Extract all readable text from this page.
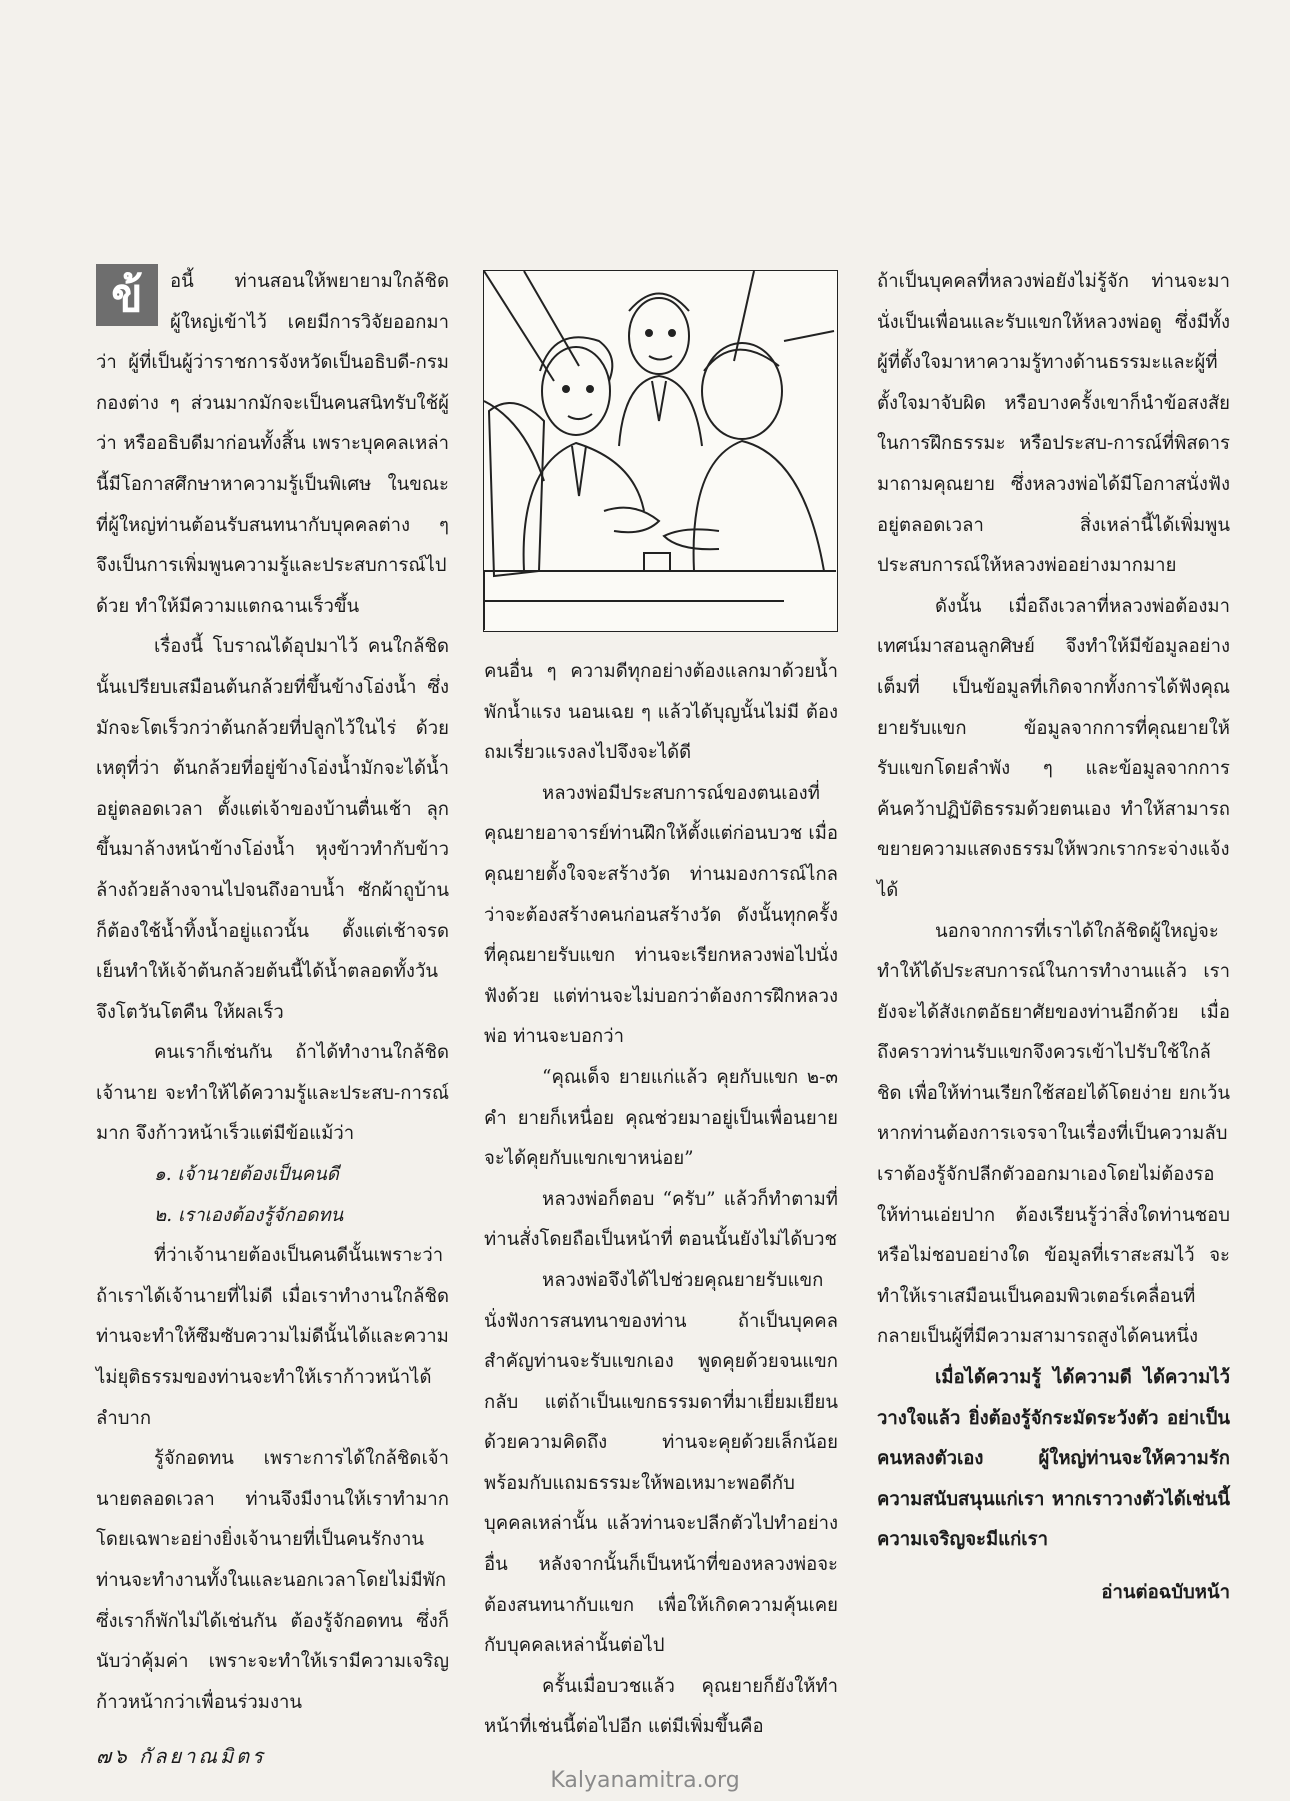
ข้	อนี้ ท่านสอนให้พยายามใกล้ชิดผู้ใหญ่เข้าไว้ เคยมีการวิจัยออกมาว่า ผู้ที่เป็นผู้ว่าราชการจังหวัดเป็นอธิบดี-กรมกองต่าง ๆ ส่วนมากมักจะเป็นคนสนิทรับใช้ผู้ว่า หรืออธิบดีมาก่อนทั้งสิ้น เพราะบุคคลเหล่านี้มีโอกาสศึกษาหาความรู้เป็นพิเศษ ในขณะที่ผู้ใหญ่ท่านต้อนรับสนทนากับบุคคลต่าง ๆ จึงเป็นการเพิ่มพูนความรู้และประสบการณ์ไปด้วย ทำให้มีความแตกฉานเร็วขึ้น

เรื่องนี้ โบราณได้อุปมาไว้ คนใกล้ชิดนั้นเปรียบเสมือนต้นกล้วยที่ขึ้นข้างโอ่งน้ำ ซึ่งมักจะโตเร็วกว่าต้นกล้วยที่ปลูกไว้ในไร่ ด้วยเหตุที่ว่า ต้นกล้วยที่อยู่ข้างโอ่งน้ำมักจะได้น้ำอยู่ตลอดเวลา ตั้งแต่เจ้าของบ้านตื่นเช้า ลุกขึ้นมาล้างหน้าข้างโอ่งน้ำ หุงข้าวทำกับข้าว ล้างถ้วยล้างจานไปจนถึงอาบน้ำ ซักผ้าถูบ้านก็ต้องใช้น้ำทิ้งน้ำอยู่แถวนั้น ตั้งแต่เช้าจรดเย็นทำให้เจ้าต้นกล้วยต้นนี้ได้น้ำตลอดทั้งวัน จึงโตวันโตคืน ให้ผลเร็ว

คนเราก็เช่นกัน ถ้าได้ทำงานใกล้ชิดเจ้านาย จะทำให้ได้ความรู้และประสบ-การณ์มาก จึงก้าวหน้าเร็วแต่มีข้อแม้ว่า

๑. เจ้านายต้องเป็นคนดี

๒. เราเองต้องรู้จักอดทน

ที่ว่าเจ้านายต้องเป็นคนดีนั้นเพราะว่าถ้าเราได้เจ้านายที่ไม่ดี เมื่อเราทำงานใกล้ชิดท่านจะทำให้ซึมซับความไม่ดีนั้นได้และความไม่ยุติธรรมของท่านจะทำให้เราก้าวหน้าได้ลำบาก

รู้จักอดทน เพราะการได้ใกล้ชิดเจ้านายตลอดเวลา ท่านจึงมีงานให้เราทำมาก โดยเฉพาะอย่างยิ่งเจ้านายที่เป็นคนรักงาน ท่านจะทำงานทั้งในและนอกเวลาโดยไม่มีพัก ซึ่งเราก็พักไม่ได้เช่นกัน ต้องรู้จักอดทน ซึ่งก็นับว่าคุ้มค่า เพราะจะทำให้เรามีความเจริญก้าวหน้ากว่าเพื่อนร่วมงาน

คนอื่น ๆ ความดีทุกอย่างต้องแลกมาด้วยน้ำพักน้ำแรง นอนเฉย ๆ แล้วได้บุญนั้นไม่มี ต้องถมเรี่ยวแรงลงไปจึงจะได้ดี

หลวงพ่อมีประสบการณ์ของตนเองที่คุณยายอาจารย์ท่านฝึกให้ตั้งแต่ก่อนบวช เมื่อคุณยายตั้งใจจะสร้างวัด ท่านมองการณ์ไกลว่าจะต้องสร้างคนก่อนสร้างวัด ดังนั้นทุกครั้งที่คุณยายรับแขก ท่านจะเรียกหลวงพ่อไปนั่งฟังด้วย แต่ท่านจะไม่บอกว่าต้องการฝึกหลวงพ่อ ท่านจะบอกว่า

“คุณเด็จ ยายแก่แล้ว คุยกับแขก ๒-๓ คำ ยายก็เหนื่อย คุณช่วยมาอยู่เป็นเพื่อนยาย จะได้คุยกับแขกเขาหน่อย”

หลวงพ่อก็ตอบ “ครับ” แล้วก็ทำตามที่ท่านสั่งโดยถือเป็นหน้าที่ ตอนนั้นยังไม่ได้บวช

หลวงพ่อจึงได้ไปช่วยคุณยายรับแขกนั่งฟังการสนทนาของท่าน ถ้าเป็นบุคคลสำคัญท่านจะรับแขกเอง พูดคุยด้วยจนแขกกลับ แต่ถ้าเป็นแขกธรรมดาที่มาเยี่ยมเยียนด้วยความคิดถึง ท่านจะคุยด้วยเล็กน้อย พร้อมกับแถมธรรมะให้พอเหมาะพอดีกับบุคคลเหล่านั้น แล้วท่านจะปลีกตัวไปทำอย่างอื่น หลังจากนั้นก็เป็นหน้าที่ของหลวงพ่อจะต้องสนทนากับแขก เพื่อให้เกิดความคุ้นเคยกับบุคคลเหล่านั้นต่อไป

ครั้นเมื่อบวชแล้ว คุณยายก็ยังให้ทำหน้าที่เช่นนี้ต่อไปอีก แต่มีเพิ่มขึ้นคือ

ถ้าเป็นบุคคลที่หลวงพ่อยังไม่รู้จัก ท่านจะมานั่งเป็นเพื่อนและรับแขกให้หลวงพ่อดู ซึ่งมีทั้งผู้ที่ตั้งใจมาหาความรู้ทางด้านธรรมะและผู้ที่ตั้งใจมาจับผิด หรือบางครั้งเขาก็นำข้อสงสัยในการฝึกธรรมะ หรือประสบ-การณ์ที่พิสดารมาถามคุณยาย ซึ่งหลวงพ่อได้มีโอกาสนั่งฟังอยู่ตลอดเวลา สิ่งเหล่านี้ได้เพิ่มพูนประสบการณ์ให้หลวงพ่ออย่างมากมาย

ดังนั้น เมื่อถึงเวลาที่หลวงพ่อต้องมาเทศน์มาสอนลูกศิษย์ จึงทำให้มีข้อมูลอย่างเต็มที่ เป็นข้อมูลที่เกิดจากทั้งการได้ฟังคุณยายรับแขก ข้อมูลจากการที่คุณยายให้รับแขกโดยลำพัง ๆ และข้อมูลจากการค้นคว้าปฏิบัติธรรมด้วยตนเอง ทำให้สามารถขยายความแสดงธรรมให้พวกเรากระจ่างแจ้งได้

นอกจากการที่เราได้ใกล้ชิดผู้ใหญ่จะทำให้ได้ประสบการณ์ในการทำงานแล้ว เรายังจะได้สังเกตอัธยาศัยของท่านอีกด้วย เมื่อถึงคราวท่านรับแขกจึงควรเข้าไปรับใช้ใกล้ชิด เพื่อให้ท่านเรียกใช้สอยได้โดยง่าย ยกเว้นหากท่านต้องการเจรจาในเรื่องที่เป็นความลับ เราต้องรู้จักปลีกตัวออกมาเองโดยไม่ต้องรอให้ท่านเอ่ยปาก ต้องเรียนรู้ว่าสิ่งใดท่านชอบหรือไม่ชอบอย่างใด ข้อมูลที่เราสะสมไว้ จะทำให้เราเสมือนเป็นคอมพิวเตอร์เคลื่อนที่ กลายเป็นผู้ที่มีความสามารถสูงได้คนหนึ่ง

เมื่อได้ความรู้ ได้ความดี ได้ความไว้วางใจแล้ว ยิ่งต้องรู้จักระมัดระวังตัว อย่าเป็นคนหลงตัวเอง ผู้ใหญ่ท่านจะให้ความรัก ความสนับสนุนแก่เรา หากเราวางตัวได้เช่นนี้ ความเจริญจะมีแก่เรา

อ่านต่อฉบับหน้า

๗๖ กัลยาณมิตร
Kalyanamitra.org
